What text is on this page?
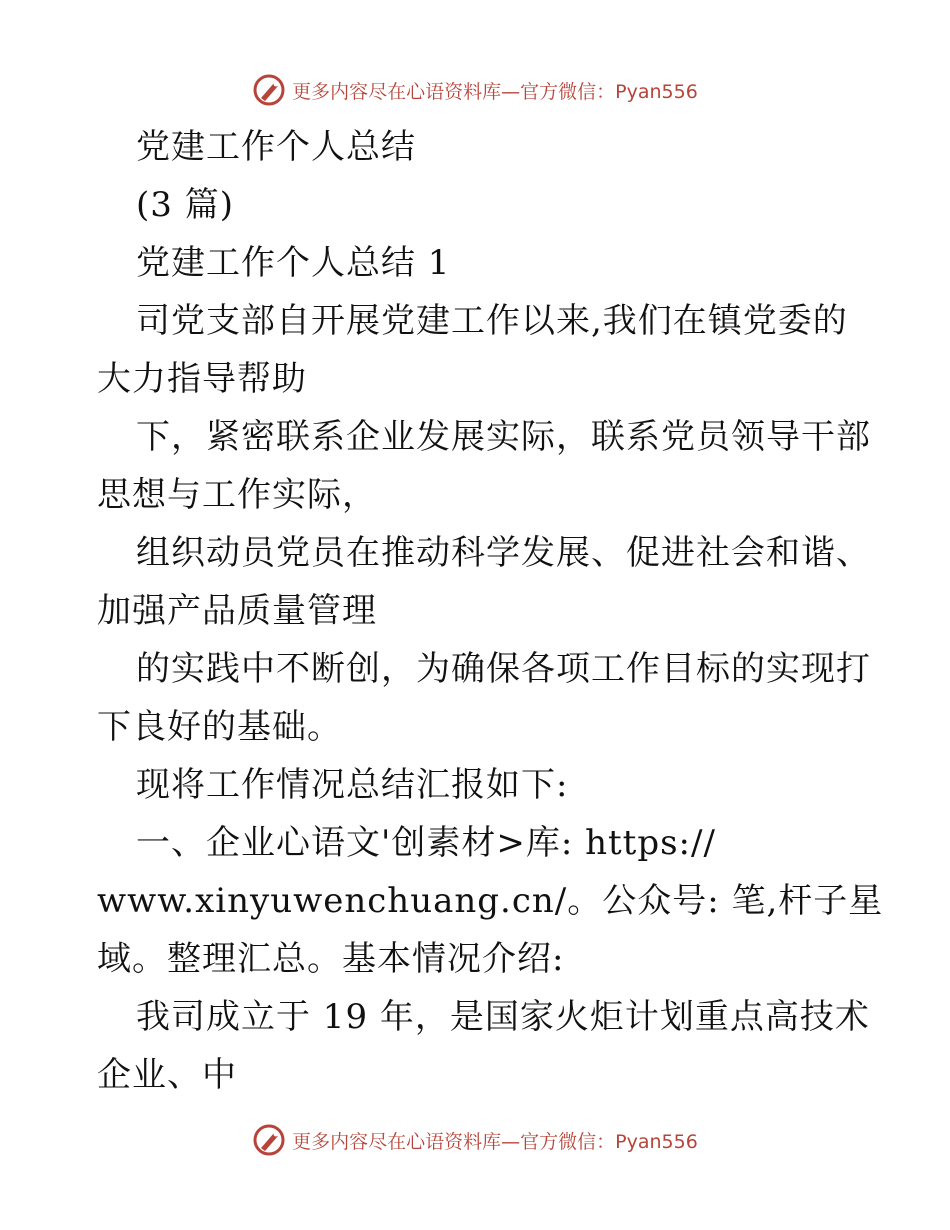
更多内容尽在心语资料库—官方微信：Pyan556
党建工作个人总结
(3 篇)
党建工作个人总结 1
司党支部自开展党建工作以来,我们在镇党委的
大力指导帮助
下，紧密联系企业发展实际，联系党员领导干部
思想与工作实际，
组织动员党员在推动科学发展、促进社会和谐、
加强产品质量管理
的实践中不断创，为确保各项工作目标的实现打
下良好的基础。
现将工作情况总结汇报如下:
一、企业心语文'创素材>库: https://
www.xinyuwenchuang.cn/。公众号: 笔,杆子星
域。整理汇总。基本情况介绍:
我司成立于 19 年，是国家火炬计划重点高技术
企业、中
更多内容尽在心语资料库—官方微信：Pyan556
